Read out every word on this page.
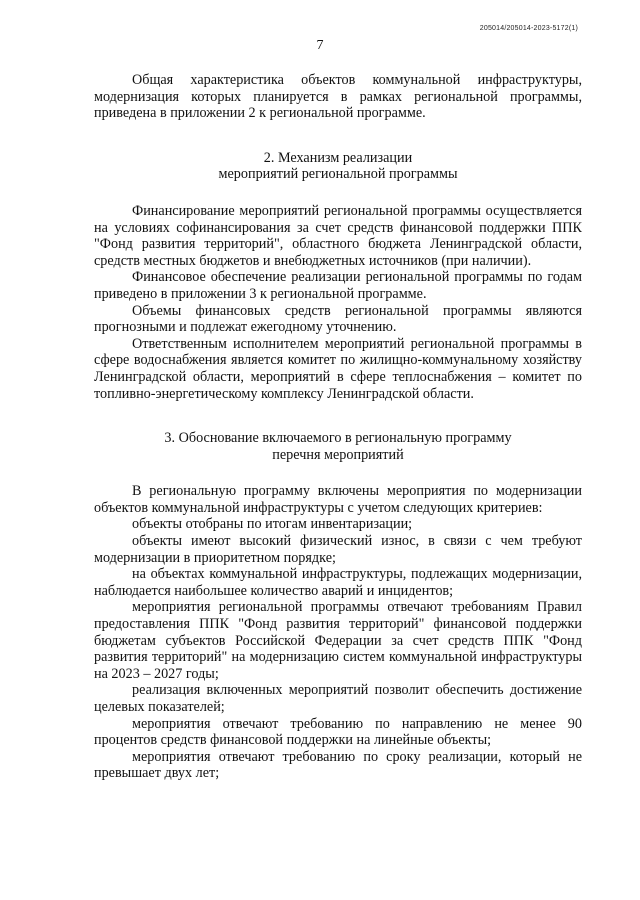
205014/205014-2023-5172(1)
7

Общая характеристика объектов коммунальной инфраструктуры, модернизация которых планируется в рамках региональной программы, приведена в приложении 2 к региональной программе.

2. Механизм реализации
мероприятий региональной программы

Финансирование мероприятий региональной программы осуществляется на условиях софинансирования за счет средств финансовой поддержки ППК "Фонд развития территорий", областного бюджета Ленинградской области, средств местных бюджетов и внебюджетных источников (при наличии).

Финансовое обеспечение реализации региональной программы по годам приведено в приложении 3 к региональной программе.

Объемы финансовых средств региональной программы являются прогнозными и подлежат ежегодному уточнению.

Ответственным исполнителем мероприятий региональной программы в сфере водоснабжения является комитет по жилищно-коммунальному хозяйству Ленинградской области, мероприятий в сфере теплоснабжения – комитет по топливно-энергетическому комплексу Ленинградской области.

3. Обоснование включаемого в региональную программу
перечня мероприятий

В региональную программу включены мероприятия по модернизации объектов коммунальной инфраструктуры с учетом следующих критериев:

объекты отобраны по итогам инвентаризации;

объекты имеют высокий физический износ, в связи с чем требуют модернизации в приоритетном порядке;

на объектах коммунальной инфраструктуры, подлежащих модернизации, наблюдается наибольшее количество аварий и инцидентов;

мероприятия региональной программы отвечают требованиям Правил предоставления ППК "Фонд развития территорий" финансовой поддержки бюджетам субъектов Российской Федерации за счет средств ППК "Фонд развития территорий" на модернизацию систем коммунальной инфраструктуры на 2023 – 2027 годы;

реализация включенных мероприятий позволит обеспечить достижение целевых показателей;

мероприятия отвечают требованию по направлению не менее 90 процентов средств финансовой поддержки на линейные объекты;

мероприятия отвечают требованию по сроку реализации, который не превышает двух лет;
